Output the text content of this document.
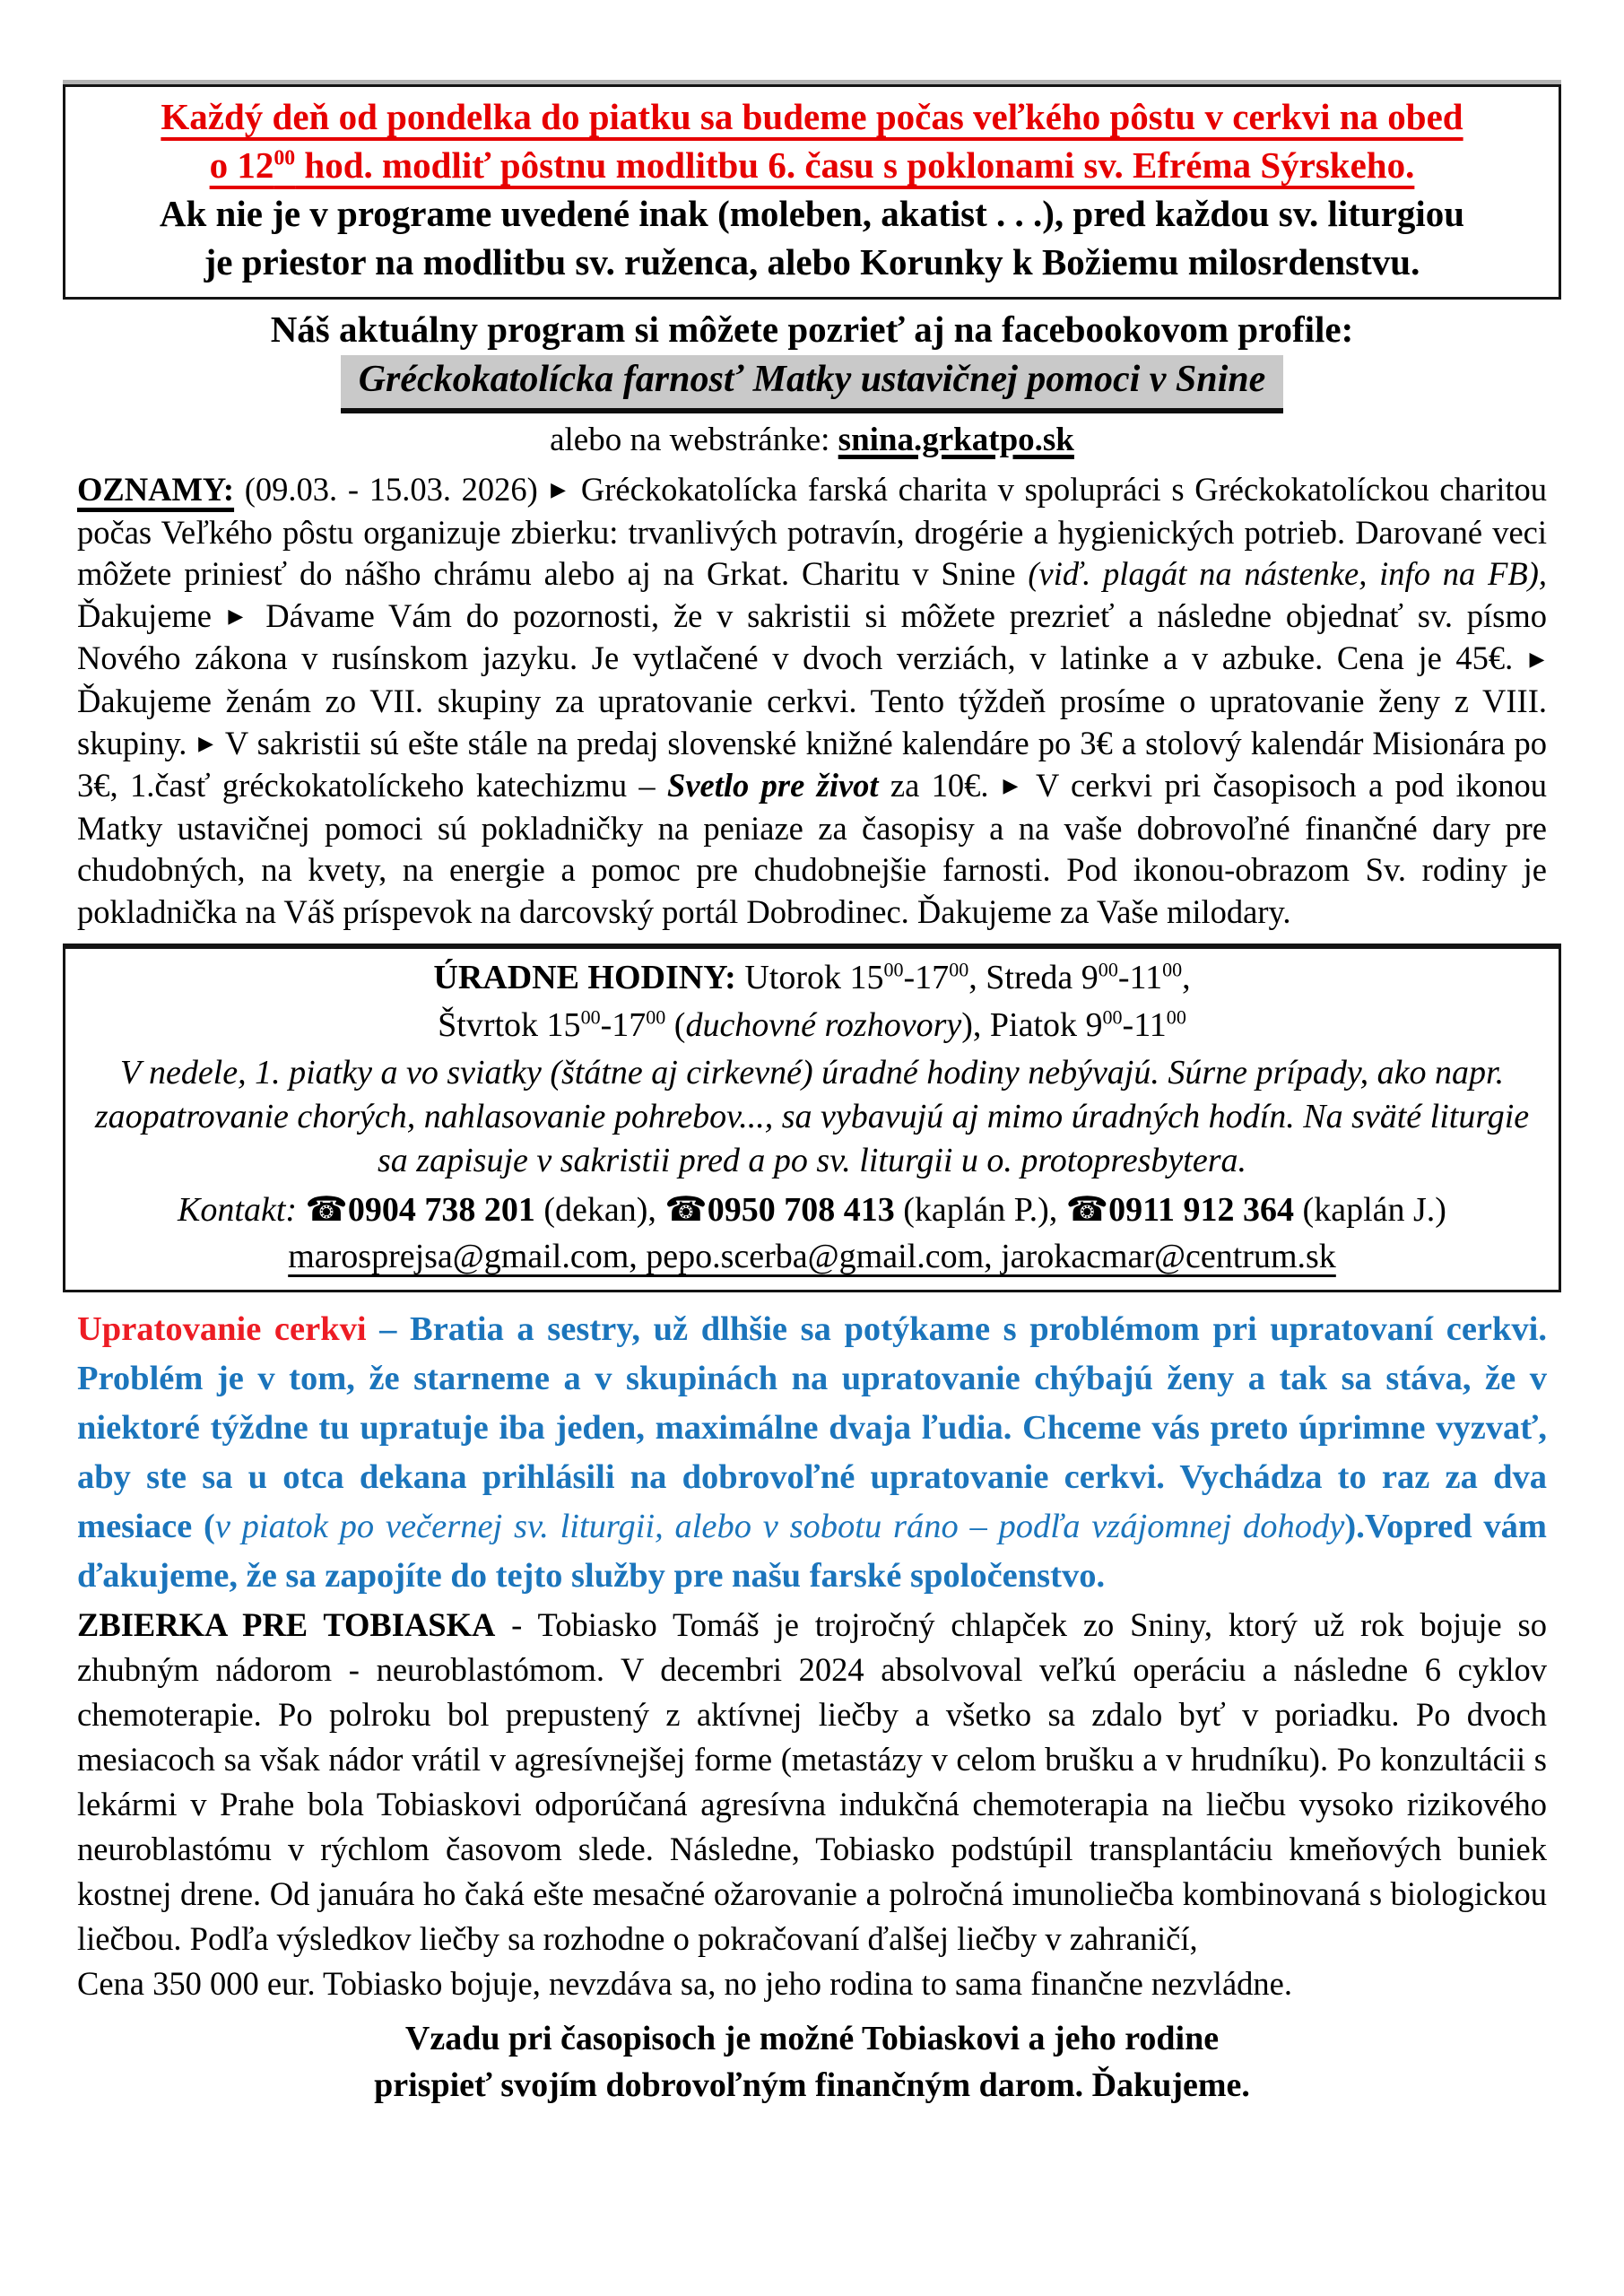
Každý deň od pondelka do piatku sa budeme počas veľkého pôstu v cerkvi na obed
o $12^{00}$ hod. modliť pôstnu modlitbu 6. času s poklonami sv. Efréma Sýrskeho.
Ak nie je v programe uvedené inak (moleben, akatist . . .), pred každou sv. liturgiou
je priestor na modlitbu sv. ruženca, alebo Korunky k Božiemu milosrdenstvu.
Náš aktuálny program si môžete pozrieť aj na facebookovom profile:
Gréckokatolícka farnosť Matky ustavičnej pomoci v Snine
alebo na webstránke: snina.grkatpo.sk

OZNAMY: (09.03. - 15.03. 2026) ▶ Gréckokatolícka farská charita v spolupráci s Gréckokatolíckou charitou počas Veľkého pôstu organizuje zbierku: trvanlivých potravín, drogérie a hygienických potrieb. Darované veci môžete priniesť do nášho chrámu alebo aj na Grkat. Charitu v Snine (viď. plagát na nástenke, info na FB), Ďakujeme ▶ Dávame Vám do pozornosti, že v sakristii si môžete prezrieť a následne objednať sv. písmo Nového zákona v rusínskom jazyku. Je vytlačené v dvoch verziách, v latinke a v azbuke. Cena je 45€. ▶ Ďakujeme ženám zo VII. skupiny za upratovanie cerkvi. Tento týždeň prosíme o upratovanie ženy z VIII. skupiny. ▶ V sakristii sú ešte stále na predaj slovenské knižné kalendáre po 3€ a stolový kalendár Misionára po 3€, 1.časť gréckokatolíckeho katechizmu – Svetlo pre život za 10€. ▶ V cerkvi pri časopisoch a pod ikonou Matky ustavičnej pomoci sú pokladničky na peniaze za časopisy a na vaše dobrovoľné finančné dary pre chudobných, na kvety, na energie a pomoc pre chudobnejšie farnosti. Pod ikonou-obrazom Sv. rodiny je pokladnička na Váš príspevok na darcovský portál Dobrodinec. Ďakujeme za Vaše milodary.

ÚRADNE HODINY: Utorok $15^{00}-17^{00}$, Streda $9^{00}-11^{00}$,
Štvrtok $15^{00}-17^{00}$ (duchovné rozhovory), Piatok $9^{00}-11^{00}$
V nedele, 1. piatky a vo sviatky (štátne aj cirkevné) úradné hodiny nebývajú. Súrne prípady, ako napr. zaopatrovanie chorých, nahlasovanie pohrebov..., sa vybavujú aj mimo úradných hodín. Na sväté liturgie sa zapisuje v sakristii pred a po sv. liturgii u o. protopresbytera.
Kontakt: ☎0904 738 201 (dekan), ☎0950 708 413 (kaplán P.), ☎0911 912 364 (kaplán J.)
marosprejsa@gmail.com, pepo.scerba@gmail.com, jarokacmar@centrum.sk

Upratovanie cerkvi – Bratia a sestry, už dlhšie sa potýkame s problémom pri upratovaní cerkvi. Problém je v tom, že starneme a v skupinách na upratovanie chýbajú ženy a tak sa stáva, že v niektoré týždne tu upratuje iba jeden, maximálne dvaja ľudia. Chceme vás preto úprimne vyzvať, aby ste sa u otca dekana prihlásili na dobrovoľné upratovanie cerkvi. Vychádza to raz za dva mesiace (v piatok po večernej sv. liturgii, alebo v sobotu ráno – podľa vzájomnej dohody).Vopred vám ďakujeme, že sa zapojíte do tejto služby pre našu farské spoločenstvo.

ZBIERKA PRE TOBIASKA - Tobiasko Tomáš je trojročný chlapček zo Sniny, ktorý už rok bojuje so zhubným nádorom - neuroblastómom. V decembri 2024 absolvoval veľkú operáciu a následne 6 cyklov chemoterapie. Po polroku bol prepustený z aktívnej liečby a všetko sa zdalo byť v poriadku. Po dvoch mesiacoch sa však nádor vrátil v agresívnejšej forme (metastázy v celom brušku a v hrudníku). Po konzultácii s lekármi v Prahe bola Tobiaskovi odporúčaná agresívna indukčná chemoterapia na liečbu vysoko rizikového neuroblastómu v rýchlom časovom slede. Následne, Tobiasko podstúpil transplantáciu kmeňových buniek kostnej drene. Od januára ho čaká ešte mesačné ožarovanie a polročná imunoliečba kombinovaná s biologickou liečbou. Podľa výsledkov liečby sa rozhodne o pokračovaní ďalšej liečby v zahraničí,
Cena 350 000 eur. Tobiasko bojuje, nevzdáva sa, no jeho rodina to sama finančne nezvládne.

Vzadu pri časopisoch je možné Tobiaskovi a jeho rodine
prispieť svojím dobrovoľným finančným darom. Ďakujeme.
